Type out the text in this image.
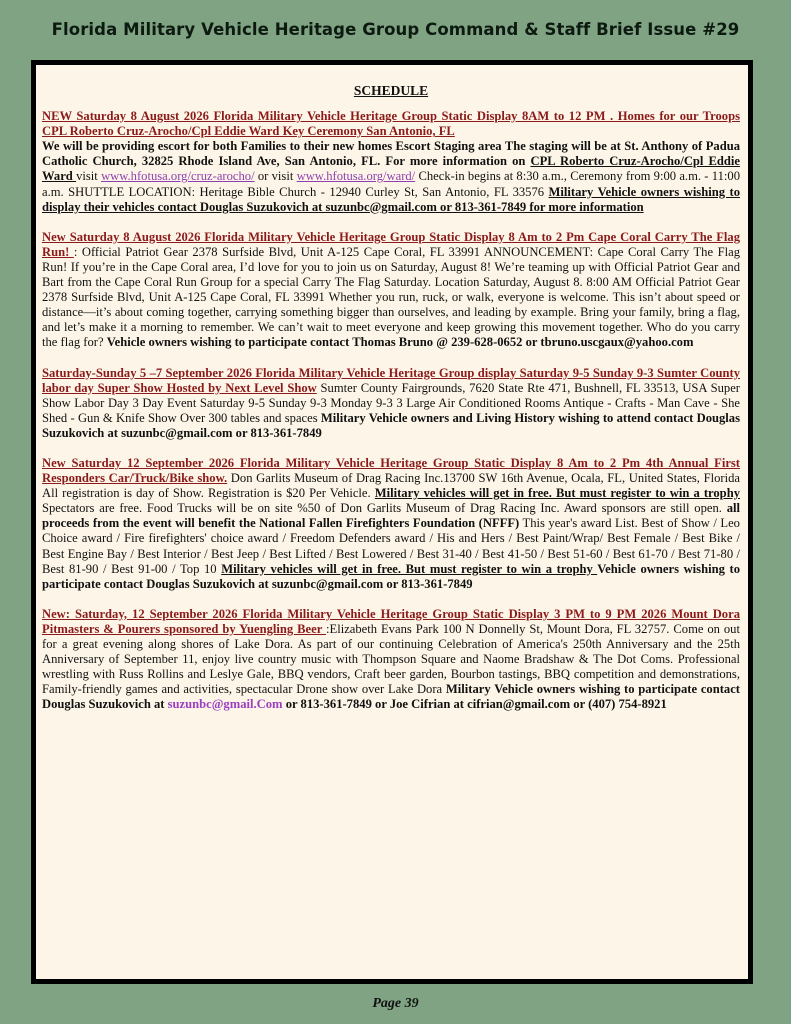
Florida Military Vehicle Heritage Group Command & Staff Brief Issue #29
SCHEDULE
NEW Saturday 8 August 2026 Florida Military Vehicle Heritage Group Static Display 8AM to 12 PM . Homes for our Troops CPL Roberto Cruz-Arocho/Cpl Eddie Ward Key Ceremony San Antonio, FL
We will be providing escort for both Families to their new homes Escort Staging area The staging will be at St. Anthony of Padua Catholic Church, 32825 Rhode Island Ave, San Antonio, FL. For more information on CPL Roberto Cruz-Arocho/Cpl Eddie Ward visit www.hfotusa.org/cruz-arocho/ or visit www.hfotusa.org/ward/ Check-in begins at 8:30 a.m., Ceremony from 9:00 a.m. - 11:00 a.m. SHUTTLE LOCATION: Heritage Bible Church - 12940 Curley St, San Antonio, FL 33576 Military Vehicle owners wishing to display their vehicles contact Douglas Suzukovich at suzunbc@gmail.com or 813-361-7849 for more information
New Saturday 8 August 2026 Florida Military Vehicle Heritage Group Static Display 8 Am to 2 Pm Cape Coral Carry The Flag Run! : Official Patriot Gear 2378 Surfside Blvd, Unit A-125 Cape Coral, FL 33991 ANNOUNCEMENT: Cape Coral Carry The Flag Run! If you’re in the Cape Coral area, I’d love for you to join us on Saturday, August 8! We’re teaming up with Official Patriot Gear and Bart from the Cape Coral Run Group for a special Carry The Flag Saturday. Location Saturday, August 8. 8:00 AM Official Patriot Gear 2378 Surfside Blvd, Unit A-125 Cape Coral, FL 33991 Whether you run, ruck, or walk, everyone is welcome. This isn’t about speed or distance—it’s about coming together, carrying something bigger than ourselves, and leading by example. Bring your family, bring a flag, and let’s make it a morning to remember. We can’t wait to meet everyone and keep growing this movement together. Who do you carry the flag for? Vehicle owners wishing to participate contact Thomas Bruno @ 239-628-0652 or tbruno.uscgaux@yahoo.com
Saturday-Sunday 5 –7 September 2026 Florida Military Vehicle Heritage Group display Saturday 9-5 Sunday 9-3 Sumter County labor day Super Show Hosted by Next Level Show Sumter County Fairgrounds, 7620 State Rte 471, Bushnell, FL 33513, USA Super Show Labor Day 3 Day Event Saturday 9-5 Sunday 9-3 Monday 9-3 3 Large Air Conditioned Rooms Antique - Crafts - Man Cave - She Shed - Gun & Knife Show Over 300 tables and spaces Military Vehicle owners and Living History wishing to attend contact Douglas Suzukovich at suzunbc@gmail.com or 813-361-7849
New Saturday 12 September 2026 Florida Military Vehicle Heritage Group Static Display 8 Am to 2 Pm 4th Annual First Responders Car/Truck/Bike show. Don Garlits Museum of Drag Racing Inc.13700 SW 16th Avenue, Ocala, FL, United States, Florida All registration is day of Show. Registration is $20 Per Vehicle. Military vehicles will get in free. But must register to win a trophy Spectators are free. Food Trucks will be on site %50 of Don Garlits Museum of Drag Racing Inc. Award sponsors are still open. all proceeds from the event will benefit the National Fallen Firefighters Foundation (NFFF) This year's award List. Best of Show / Leo Choice award / Fire firefighters' choice award / Freedom Defenders award / His and Hers / Best Paint/Wrap/ Best Female / Best Bike / Best Engine Bay / Best Interior / Best Jeep / Best Lifted / Best Lowered / Best 31-40 / Best 41-50 / Best 51-60 / Best 61-70 / Best 71-80 / Best 81-90 / Best 91-00 / Top 10 Military vehicles will get in free. But must register to win a trophy Vehicle owners wishing to participate contact Douglas Suzukovich at suzunbc@gmail.com or 813-361-7849
New: Saturday, 12 September 2026 Florida Military Vehicle Heritage Group Static Display 3 PM to 9 PM 2026 Mount Dora Pitmasters & Pourers sponsored by Yuengling Beer :Elizabeth Evans Park 100 N Donnelly St, Mount Dora, FL 32757. Come on out for a great evening along shores of Lake Dora. As part of our continuing Celebration of America's 250th Anniversary and the 25th Anniversary of September 11, enjoy live country music with Thompson Square and Naome Bradshaw & The Dot Coms. Professional wrestling with Russ Rollins and Leslye Gale, BBQ vendors, Craft beer garden, Bourbon tastings, BBQ competition and demonstrations, Family-friendly games and activities, spectacular Drone show over Lake Dora Military Vehicle owners wishing to participate contact Douglas Suzukovich at suzunbc@gmail.Com or 813-361-7849 or Joe Cifrian at cifrian@gmail.com or (407) 754-8921
Page 39
